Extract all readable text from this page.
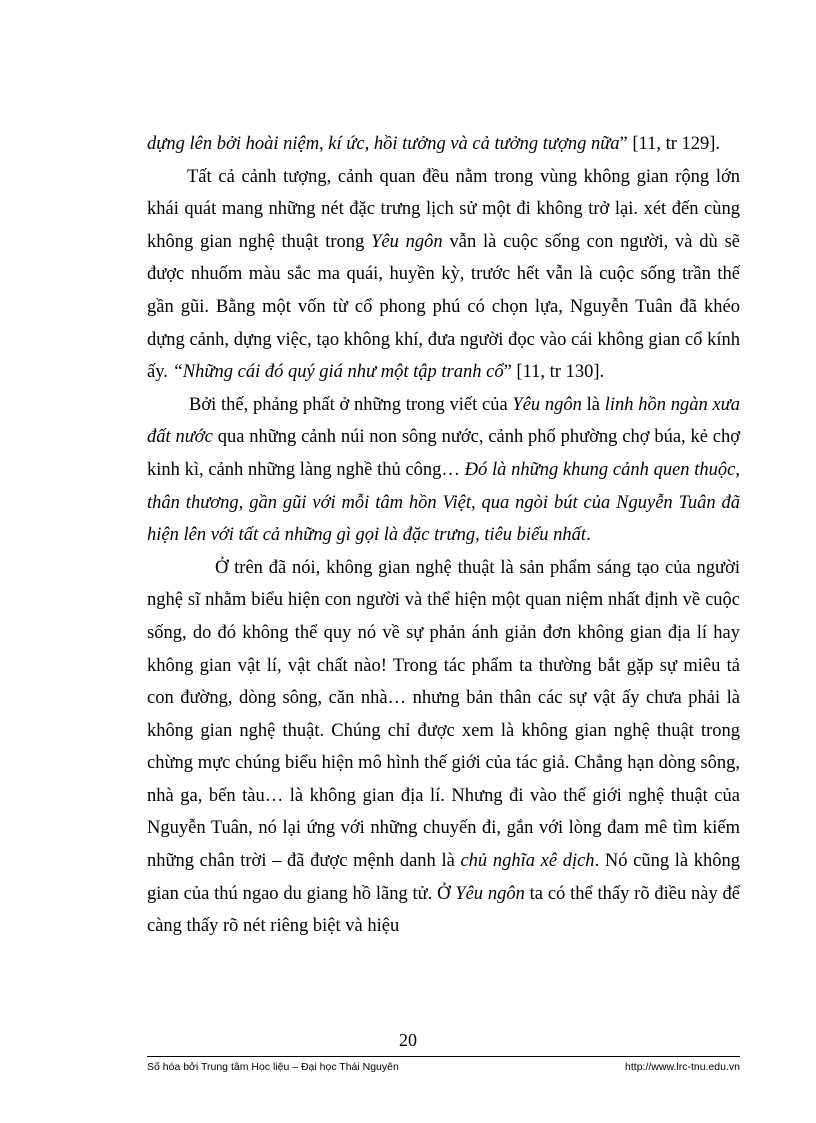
dựng lên bởi hoài niệm, kí ức, hồi tưởng và cả tưởng tượng nữa” [11, tr 129].

Tất cả cảnh tượng, cảnh quan đều nằm trong vùng không gian rộng lớn khái quát mang những nét đặc trưng lịch sử một đi không trở lại. xét đến cùng không gian nghệ thuật trong Yêu ngôn vẫn là cuộc sống con người, và dù sẽ được nhuốm màu sắc ma quái, huyền kỳ, trước hết vẫn là cuộc sống trần thế gần gũi. Bằng một vốn từ cổ phong phú có chọn lựa, Nguyễn Tuân đã khéo dựng cảnh, dựng việc, tạo không khí, đưa người đọc vào cái không gian cổ kính ấy. “Những cái đó quý giá như một tập tranh cổ” [11, tr 130].

Bởi thế, phảng phất ở những trong viết của Yêu ngôn là linh hồn ngàn xưa đất nước qua những cảnh núi non sông nước, cảnh phố phường chợ búa, kẻ chợ kinh kì, cảnh những làng nghề thủ công… Đó là những khung cảnh quen thuộc, thân thương, gần gũi với mỗi tâm hồn Việt, qua ngòi bút của Nguyễn Tuân đã hiện lên với tất cả những gì gọi là đặc trưng, tiêu biểu nhất.

Ở trên đã nói, không gian nghệ thuật là sản phẩm sáng tạo của người nghệ sĩ nhằm biểu hiện con người và thể hiện một quan niệm nhất định về cuộc sống, do đó không thể quy nó về sự phản ánh giản đơn không gian địa lí hay không gian vật lí, vật chất nào! Trong tác phẩm ta thường bắt gặp sự miêu tả con đường, dòng sông, căn nhà… nhưng bản thân các sự vật ấy chưa phải là không gian nghệ thuật. Chúng chỉ được xem là không gian nghệ thuật trong chừng mực chúng biểu hiện mô hình thế giới của tác giả. Chẳng hạn dòng sông, nhà ga, bến tàu… là không gian địa lí. Nhưng đi vào thế giới nghệ thuật của Nguyễn Tuân, nó lại ứng với những chuyến đi, gắn với lòng đam mê tìm kiếm những chân trời – đã được mệnh danh là chủ nghĩa xê dịch. Nó cũng là không gian của thú ngao du giang hồ lãng tử. Ở Yêu ngôn ta có thể thấy rõ điều này để càng thấy rõ nét riêng biệt và hiệu

20
Số hóa bởi Trung tâm Học liệu – Đại học Thái Nguyên	http://www.lrc-tnu.edu.vn
